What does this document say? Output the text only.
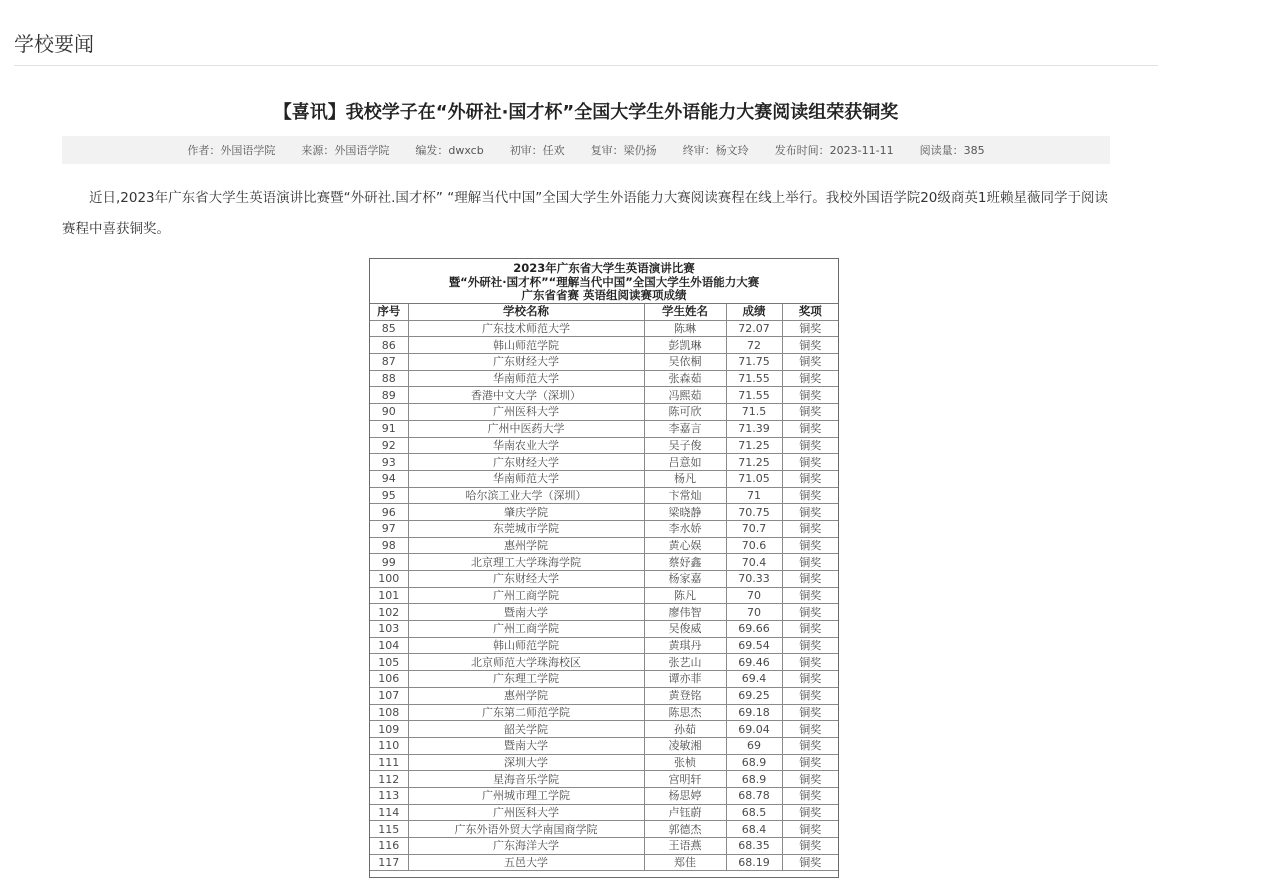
学校要闻
【喜讯】我校学子在“外研社·国才杯”全国大学生外语能力大赛阅读组荣获铜奖
作者：外国语学院 来源：外国语学院 编发：dwxcb 初审：任欢 复审：梁仍扬 终审：杨文玲 发布时间：2023-11-11 阅读量：385
近日,2023年广东省大学生英语演讲比赛暨“外研社.国才杯” “理解当代中国”全国大学生外语能力大赛阅读赛程在线上举行。我校外国语学院20级商英1班赖星薇同学于阅读赛程中喜获铜奖。
2023年广东省大学生英语演讲比赛
暨“外研社·国才杯”“理解当代中国”全国大学生外语能力大赛
广东省省赛 英语组阅读赛项成绩
序号	学校名称	学生姓名	成绩	奖项
85	广东技术师范大学	陈琳	72.07	铜奖
86	韩山师范学院	彭凯琳	72	铜奖
87	广东财经大学	吴依桐	71.75	铜奖
88	华南师范大学	张森茹	71.55	铜奖
89	香港中文大学（深圳）	冯熙茹	71.55	铜奖
90	广州医科大学	陈可欣	71.5	铜奖
91	广州中医药大学	李嘉言	71.39	铜奖
92	华南农业大学	吴子俊	71.25	铜奖
93	广东财经大学	吕意如	71.25	铜奖
94	华南师范大学	杨凡	71.05	铜奖
95	哈尔滨工业大学（深圳）	卞常灿	71	铜奖
96	肇庆学院	梁晓静	70.75	铜奖
97	东莞城市学院	李水娇	70.7	铜奖
98	惠州学院	黄心娱	70.6	铜奖
99	北京理工大学珠海学院	蔡妤鑫	70.4	铜奖
100	广东财经大学	杨家嘉	70.33	铜奖
101	广州工商学院	陈凡	70	铜奖
102	暨南大学	廖伟智	70	铜奖
103	广州工商学院	吴俊威	69.66	铜奖
104	韩山师范学院	黄琪丹	69.54	铜奖
105	北京师范大学珠海校区	张艺山	69.46	铜奖
106	广东理工学院	谭亦菲	69.4	铜奖
107	惠州学院	黄登铭	69.25	铜奖
108	广东第二师范学院	陈思杰	69.18	铜奖
109	韶关学院	孙茹	69.04	铜奖
110	暨南大学	凌敏湘	69	铜奖
111	深圳大学	张桢	68.9	铜奖
112	星海音乐学院	宫明轩	68.9	铜奖
113	广州城市理工学院	杨思婷	68.78	铜奖
114	广州医科大学	卢钰蔚	68.5	铜奖
115	广东外语外贸大学南国商学院	郭德杰	68.4	铜奖
116	广东海洋大学	王语燕	68.35	铜奖
117	五邑大学	郑佳	68.19	铜奖
